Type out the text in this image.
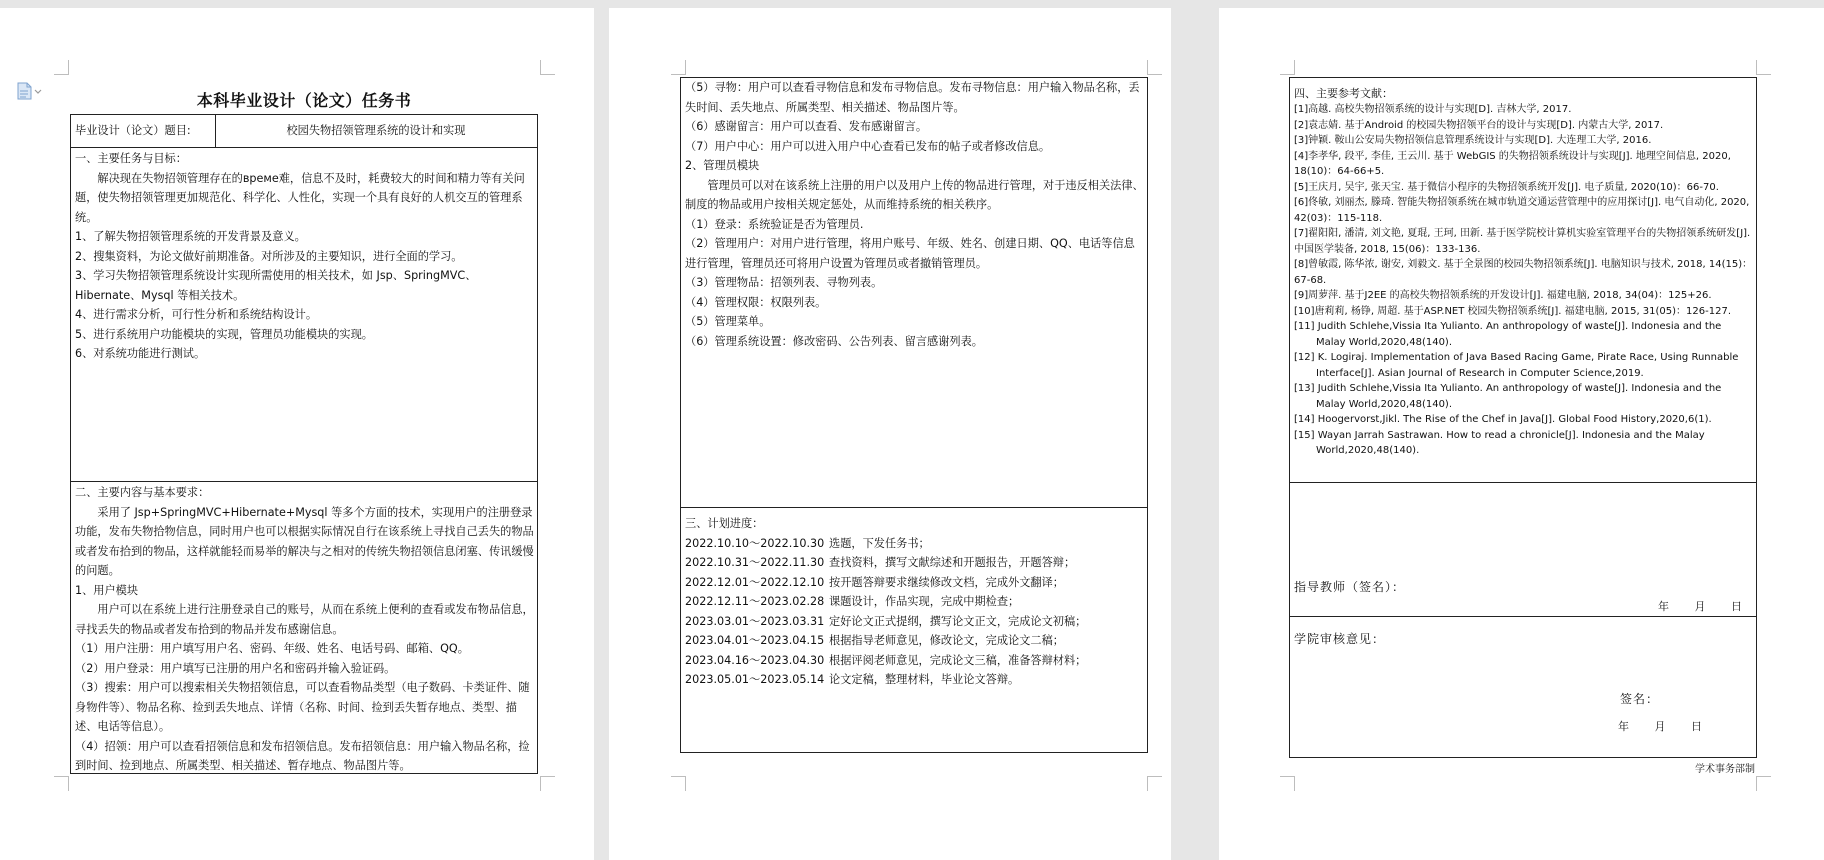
本科毕业设计（论文）任务书
毕业设计（论文）题目:	校园失物招领管理系统的设计和实现

一、主要任务与目标：

解决现在失物招领管理存在的време难，信息不及时，耗费较大的时间和精力等有关问题，使失物招领管理更加规范化、科学化、人性化，实现一个具有良好的人机交互的管理系统。

1、了解失物招领管理系统的开发背景及意义。

2、搜集资料，为论文做好前期准备。对所涉及的主要知识，进行全面的学习。

3、学习失物招领管理系统设计实现所需使用的相关技术，如 Jsp、SpringMVC、Hibernate、Mysql 等相关技术。

4、进行需求分析，可行性分析和系统结构设计。

5、进行系统用户功能模块的实现，管理员功能模块的实现。

6、对系统功能进行测试。

二、主要内容与基本要求：

采用了 Jsp+SpringMVC+Hibernate+Mysql 等多个方面的技术，实现用户的注册登录功能，发布失物拾物信息，同时用户也可以根据实际情况自行在该系统上寻找自己丢失的物品或者发布拾到的物品，这样就能轻而易举的解决与之相对的传统失物招领信息闭塞、传讯缓慢的问题。

1、用户模块

用户可以在系统上进行注册登录自己的账号，从而在系统上便利的查看或发布物品信息，寻找丢失的物品或者发布拾到的物品并发布感谢信息。

（1）用户注册：用户填写用户名、密码、年级、姓名、电话号码、邮箱、QQ。

（2）用户登录：用户填写已注册的用户名和密码并输入验证码。

（3）搜索：用户可以搜索相关失物招领信息，可以查看物品类型（电子数码、卡类证件、随身物件等）、物品名称、捡到丢失地点、详情（名称、时间、捡到丢失暂存地点、类型、描述、电话等信息）。

（4）招领：用户可以查看招领信息和发布招领信息。发布招领信息：用户输入物品名称，捡到时间、捡到地点、所属类型、相关描述、暂存地点、物品图片等。

（5）寻物：用户可以查看寻物信息和发布寻物信息。发布寻物信息：用户输入物品名称，丢失时间、丢失地点、所属类型、相关描述、物品图片等。

（6）感谢留言：用户可以查看、发布感谢留言。

（7）用户中心：用户可以进入用户中心查看已发布的帖子或者修改信息。

2、管理员模块

管理员可以对在该系统上注册的用户以及用户上传的物品进行管理，对于违反相关法律、制度的物品或用户按相关规定惩处，从而维持系统的相关秩序。

（1）登录：系统验证是否为管理员.

（2）管理用户：对用户进行管理，将用户账号、年级、姓名、创建日期、QQ、电话等信息进行管理，管理员还可将用户设置为管理员或者撤销管理员。

（3）管理物品：招领列表、寻物列表。

（4）管理权限：权限列表。

（5）管理菜单。

（6）管理系统设置：修改密码、公告列表、留言感谢列表。

三、计划进度：

2022.10.10～2022.10.30 选题，下发任务书；
2022.10.31～2022.11.30 查找资料，撰写文献综述和开题报告，开题答辩；
2022.12.01～2022.12.10 按开题答辩要求继续修改文档，完成外文翻译；
2022.12.11～2023.02.28 课题设计，作品实现，完成中期检查；
2023.03.01～2023.03.31 定好论文正式提纲，撰写论文正文，完成论文初稿；
2023.04.01～2023.04.15 根据指导老师意见，修改论文，完成论文二稿；
2023.04.16～2023.04.30 根据评阅老师意见，完成论文三稿，准备答辩材料；
2023.05.01～2023.05.14 论文定稿，整理材料，毕业论文答辩。

四、主要参考文献：

[1]高越. 高校失物招领系统的设计与实现[D]. 吉林大学, 2017.

[2]袁志婧. 基于Android 的校园失物招领平台的设计与实现[D]. 内蒙古大学, 2017.

[3]钟颖. 鞍山公安局失物招领信息管理系统设计与实现[D]. 大连理工大学, 2016.

[4]李孝华, 段平, 李佳, 王云川. 基于 WebGIS 的失物招领系统设计与实现[J]. 地理空间信息, 2020, 18(10)：64-66+5.

[5]王庆月, 吴宇, 张天宝. 基于微信小程序的失物招领系统开发[J]. 电子质量, 2020(10)：66-70.

[6]佟敏, 刘丽杰, 滕琦. 智能失物招领系统在城市轨道交通运营管理中的应用探讨[J]. 电气自动化, 2020, 42(03)：115-118.

[7]翟阳阳, 潘清, 刘文艳, 夏琨, 王珂, 田新. 基于医学院校计算机实验室管理平台的失物招领系统研发[J]. 中国医学装备, 2018, 15(06)：133-136.

[8]曾敏霞, 陈华浓, 谢安, 刘毅文. 基于全景图的校园失物招领系统[J]. 电脑知识与技术, 2018, 14(15)：67-68.

[9]周萝萍. 基于J2EE 的高校失物招领系统的开发设计[J]. 福建电脑, 2018, 34(04)：125+26.

[10]唐莉莉, 杨铮, 周超. 基于ASP.NET 校园失物招领系统[J]. 福建电脑, 2015, 31(05)：126-127.

[11] Judith Schlehe,Vissia Ita Yulianto. An anthropology of waste[J]. Indonesia and the Malay World,2020,48(140).

[12] K. Logiraj. Implementation of Java Based Racing Game, Pirate Race, Using Runnable Interface[J]. Asian Journal of Research in Computer Science,2019.

[13] Judith Schlehe,Vissia Ita Yulianto. An anthropology of waste[J]. Indonesia and the Malay World,2020,48(140).

[14] Hoogervorst,Jikl. The Rise of the Chef in Java[J]. Global Food History,2020,6(1).

[15] Wayan Jarrah Sastrawan. How to read a chronicle[J]. Indonesia and the Malay World,2020,48(140).

指导教师（签名）：
年 月 日
学院审核意见：
签名：
年 月 日
学术事务部制
